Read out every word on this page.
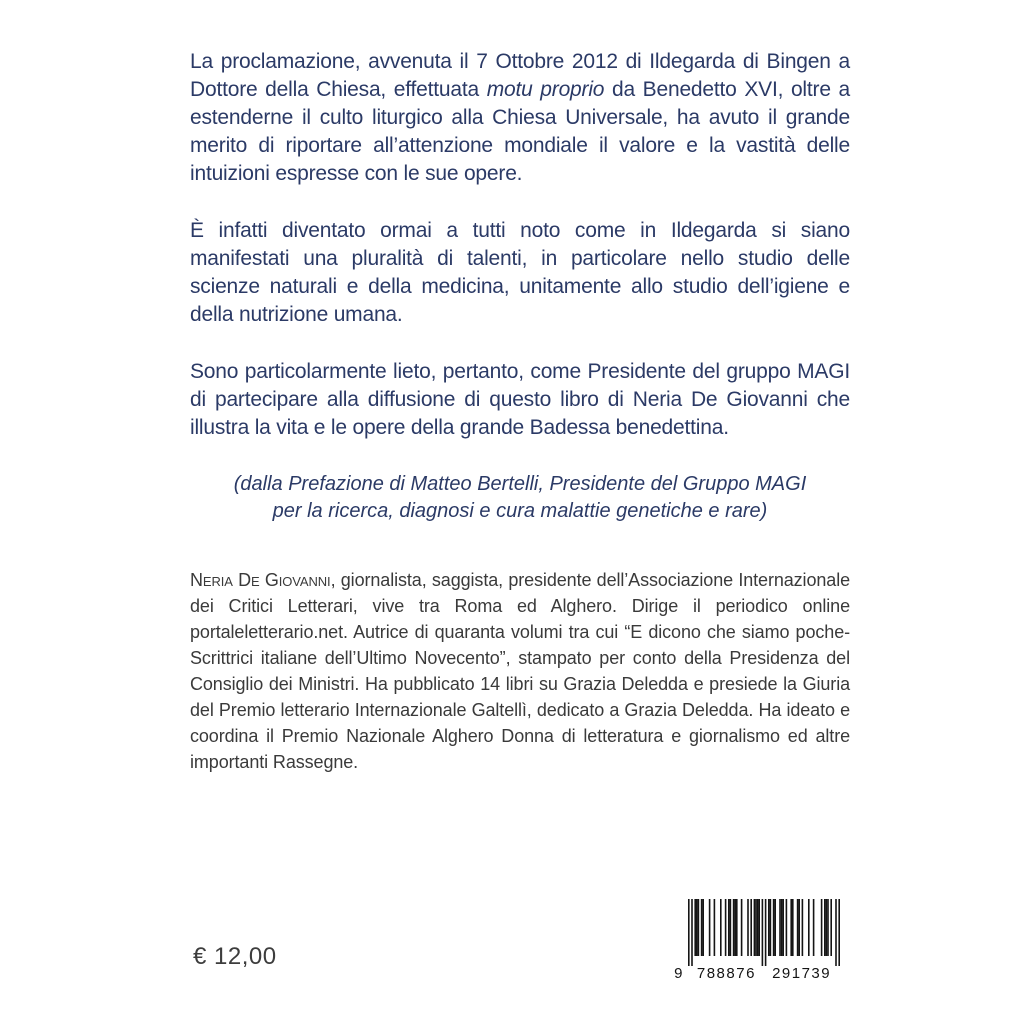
La proclamazione, avvenuta il 7 Ottobre 2012 di Ildegarda di Bingen a Dottore della Chiesa, effettuata motu proprio da Benedetto XVI, oltre a estenderne il culto liturgico alla Chiesa Universale, ha avuto il grande merito di riportare all’attenzione mondiale il valore e la vastità delle intuizioni espresse con le sue opere.

È infatti diventato ormai a tutti noto come in Ildegarda si siano manifestati una pluralità di talenti, in particolare nello studio delle scienze naturali e della medicina, unitamente allo studio dell’igiene e della nutrizione umana.

Sono particolarmente lieto, pertanto, come Presidente del gruppo MAGI di partecipare alla diffusione di questo libro di Neria De Giovanni che illustra la vita e le opere della grande Badessa benedettina.

(dalla Prefazione di Matteo Bertelli, Presidente del Gruppo MAGI
per la ricerca, diagnosi e cura malattie genetiche e rare)

Neria De Giovanni, giornalista, saggista, presidente dell’Associazione Internazionale dei Critici Letterari, vive tra Roma ed Alghero. Dirige il periodico online portaleletterario.net. Autrice di quaranta volumi tra cui “E dicono che siamo poche- Scrittrici italiane dell’Ultimo Novecento”, stampato per conto della Presidenza del Consiglio dei Ministri. Ha pubblicato 14 libri su Grazia Deledda e presiede la Giuria del Premio letterario Internazionale Galtellì, dedicato a Grazia Deledda. Ha ideato e coordina il Premio Nazionale Alghero Donna di letteratura e giornalismo ed altre importanti Rassegne.

€ 12,00
9 788876 291739
